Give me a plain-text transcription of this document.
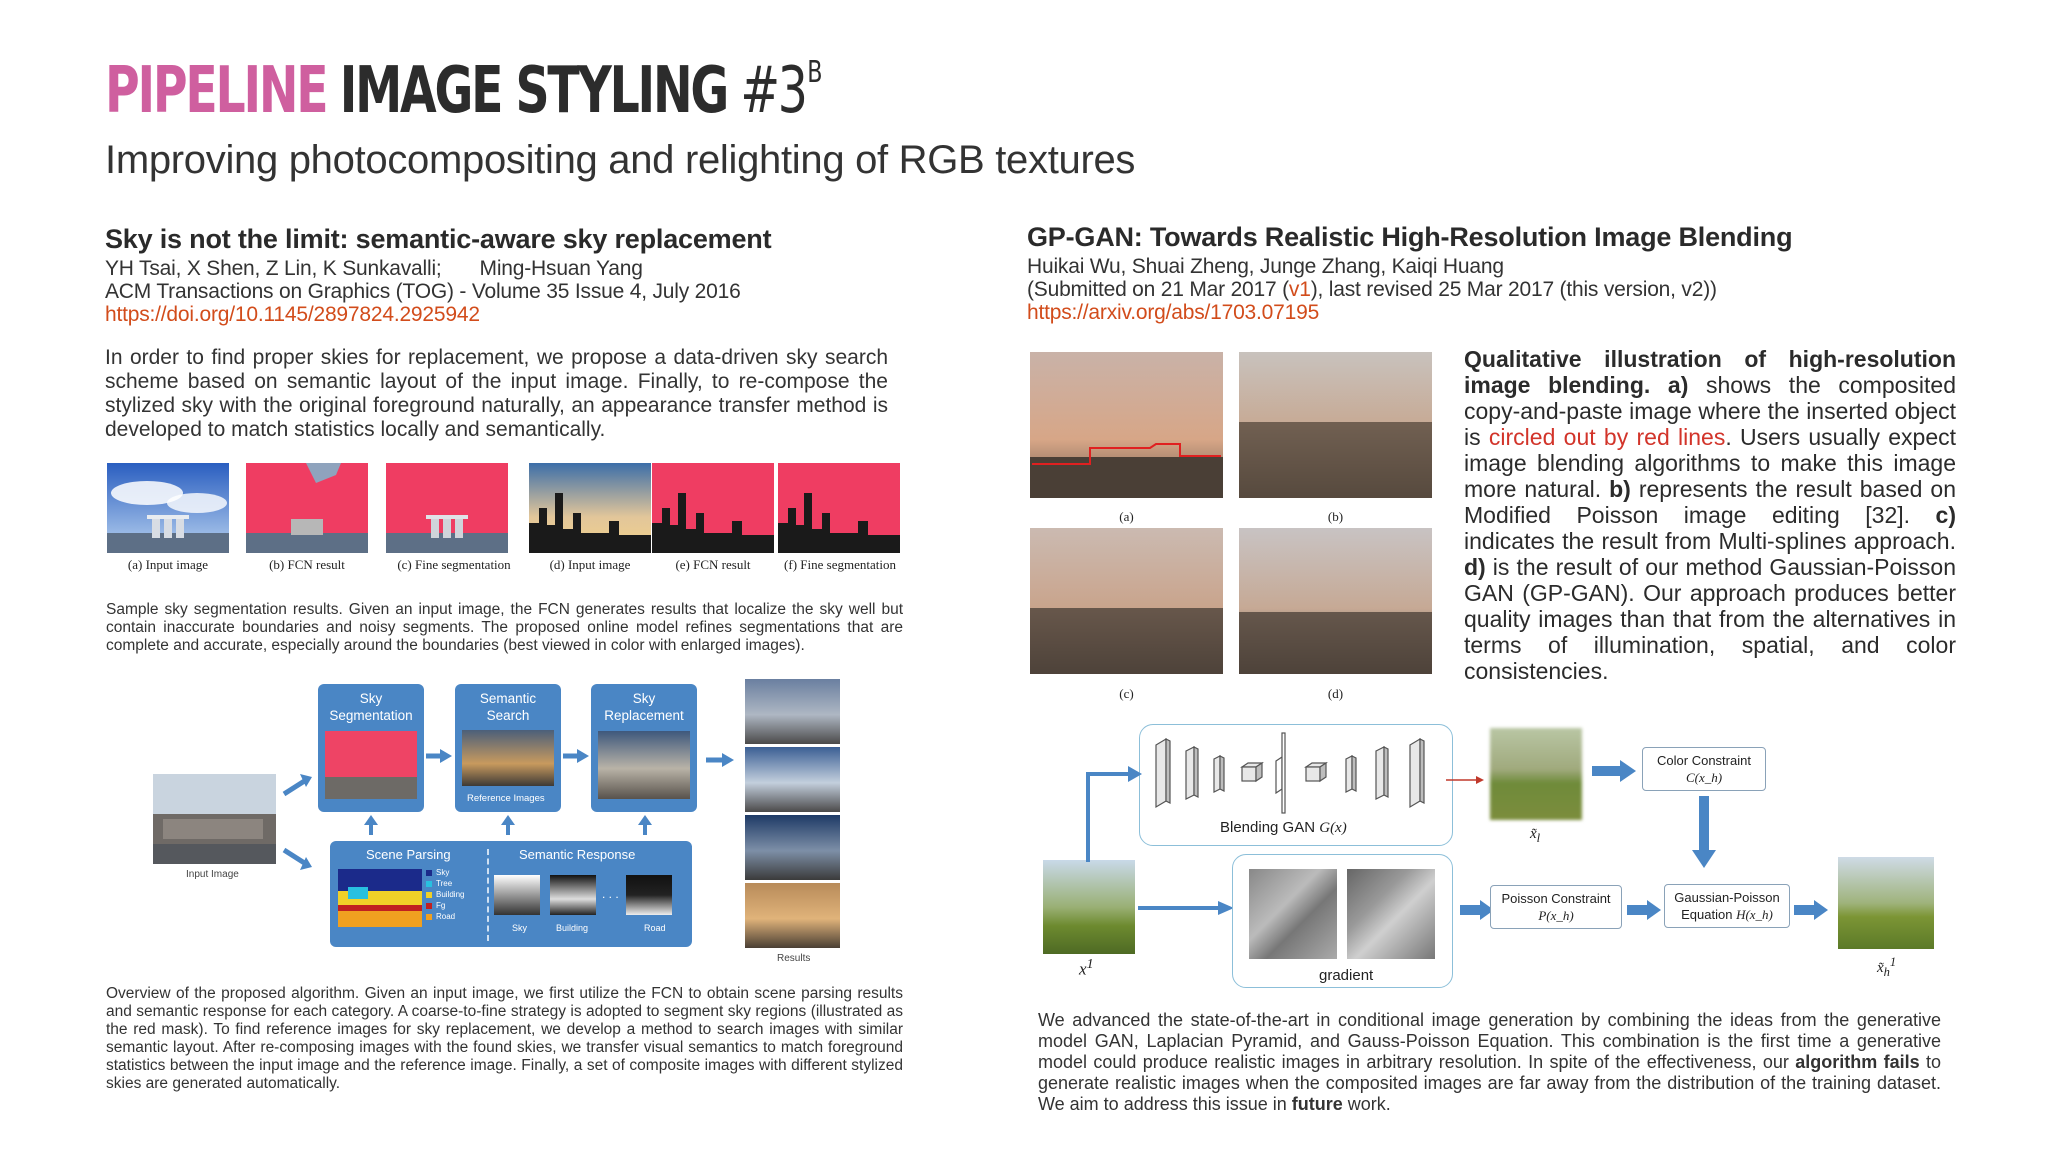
PIPELINE IMAGE STYLING $\#3^B$
Improving photocompositing and relighting of RGB textures
Sky is not the limit: semantic-aware sky replacement
YH Tsai, X Shen, Z Lin, K Sunkavalli; Ming-Hsuan Yang
ACM Transactions on Graphics (TOG) - Volume 35 Issue 4, July 2016
https://doi.org/10.1145/2897824.2925942
In order to find proper skies for replacement, we propose a data-driven sky search scheme based on semantic layout of the input image. Finally, to re-compose the stylized sky with the original foreground naturally, an appearance transfer method is developed to match statistics locally and semantically.
(a) Input image	(b) FCN result	(c) Fine segmentation	(d) Input image	(e) FCN result	(f) Fine segmentation
Sample sky segmentation results. Given an input image, the FCN generates results that localize the sky well but contain inaccurate boundaries and noisy segments. The proposed online model refines segmentations that are complete and accurate, especially around the boundaries (best viewed in color with enlarged images).
Input Image
Sky
Segmentation
Semantic
Search
Reference Images
Sky
Replacement
Scene Parsing	Semantic Response
Sky
Tree
Building
Fg
Road
. . .
Sky	Building	Road
Results
Overview of the proposed algorithm. Given an input image, we first utilize the FCN to obtain scene parsing results and semantic response for each category. A coarse-to-fine strategy is adopted to segment sky regions (illustrated as the red mask). To find reference images for sky replacement, we develop a method to search images with similar semantic layout. After re-composing images with the found skies, we transfer visual semantics to match foreground statistics between the input image and the reference image. Finally, a set of composite images with different stylized skies are generated automatically.
GP-GAN: Towards Realistic High-Resolution Image Blending
Huikai Wu, Shuai Zheng, Junge Zhang, Kaiqi Huang
(Submitted on 21 Mar 2017 (v1), last revised 25 Mar 2017 (this version, v2))
https://arxiv.org/abs/1703.07195
(a)	(b)
(c)	(d)
Qualitative illustration of high-resolution image blending. a) shows the composited copy-and-paste image where the inserted object is circled out by red lines. Users usually expect image blending algorithms to make this image more natural. b) represents the result based on Modified Poisson image editing [32]. c) indicates the result from Multi-splines approach. d) is the result of our method Gaussian-Poisson GAN (GP-GAN). Our approach produces better quality images than that from the alternatives in terms of illumination, spatial, and color consistencies.
Blending GAN G(x)	$x̃_l$
Color Constraint
C(x_h)
$x^1$
gradient
Poisson Constraint
P(x_h)
Gaussian-Poisson
Equation H(x_h)
$x̃_h^1$
We advanced the state-of-the-art in conditional image generation by combining the ideas from the generative model GAN, Laplacian Pyramid, and Gauss-Poisson Equation. This combination is the first time a generative model could produce realistic images in arbitrary resolution. In spite of the effectiveness, our algorithm fails to generate realistic images when the composited images are far away from the distribution of the training dataset. We aim to address this issue in future work.
